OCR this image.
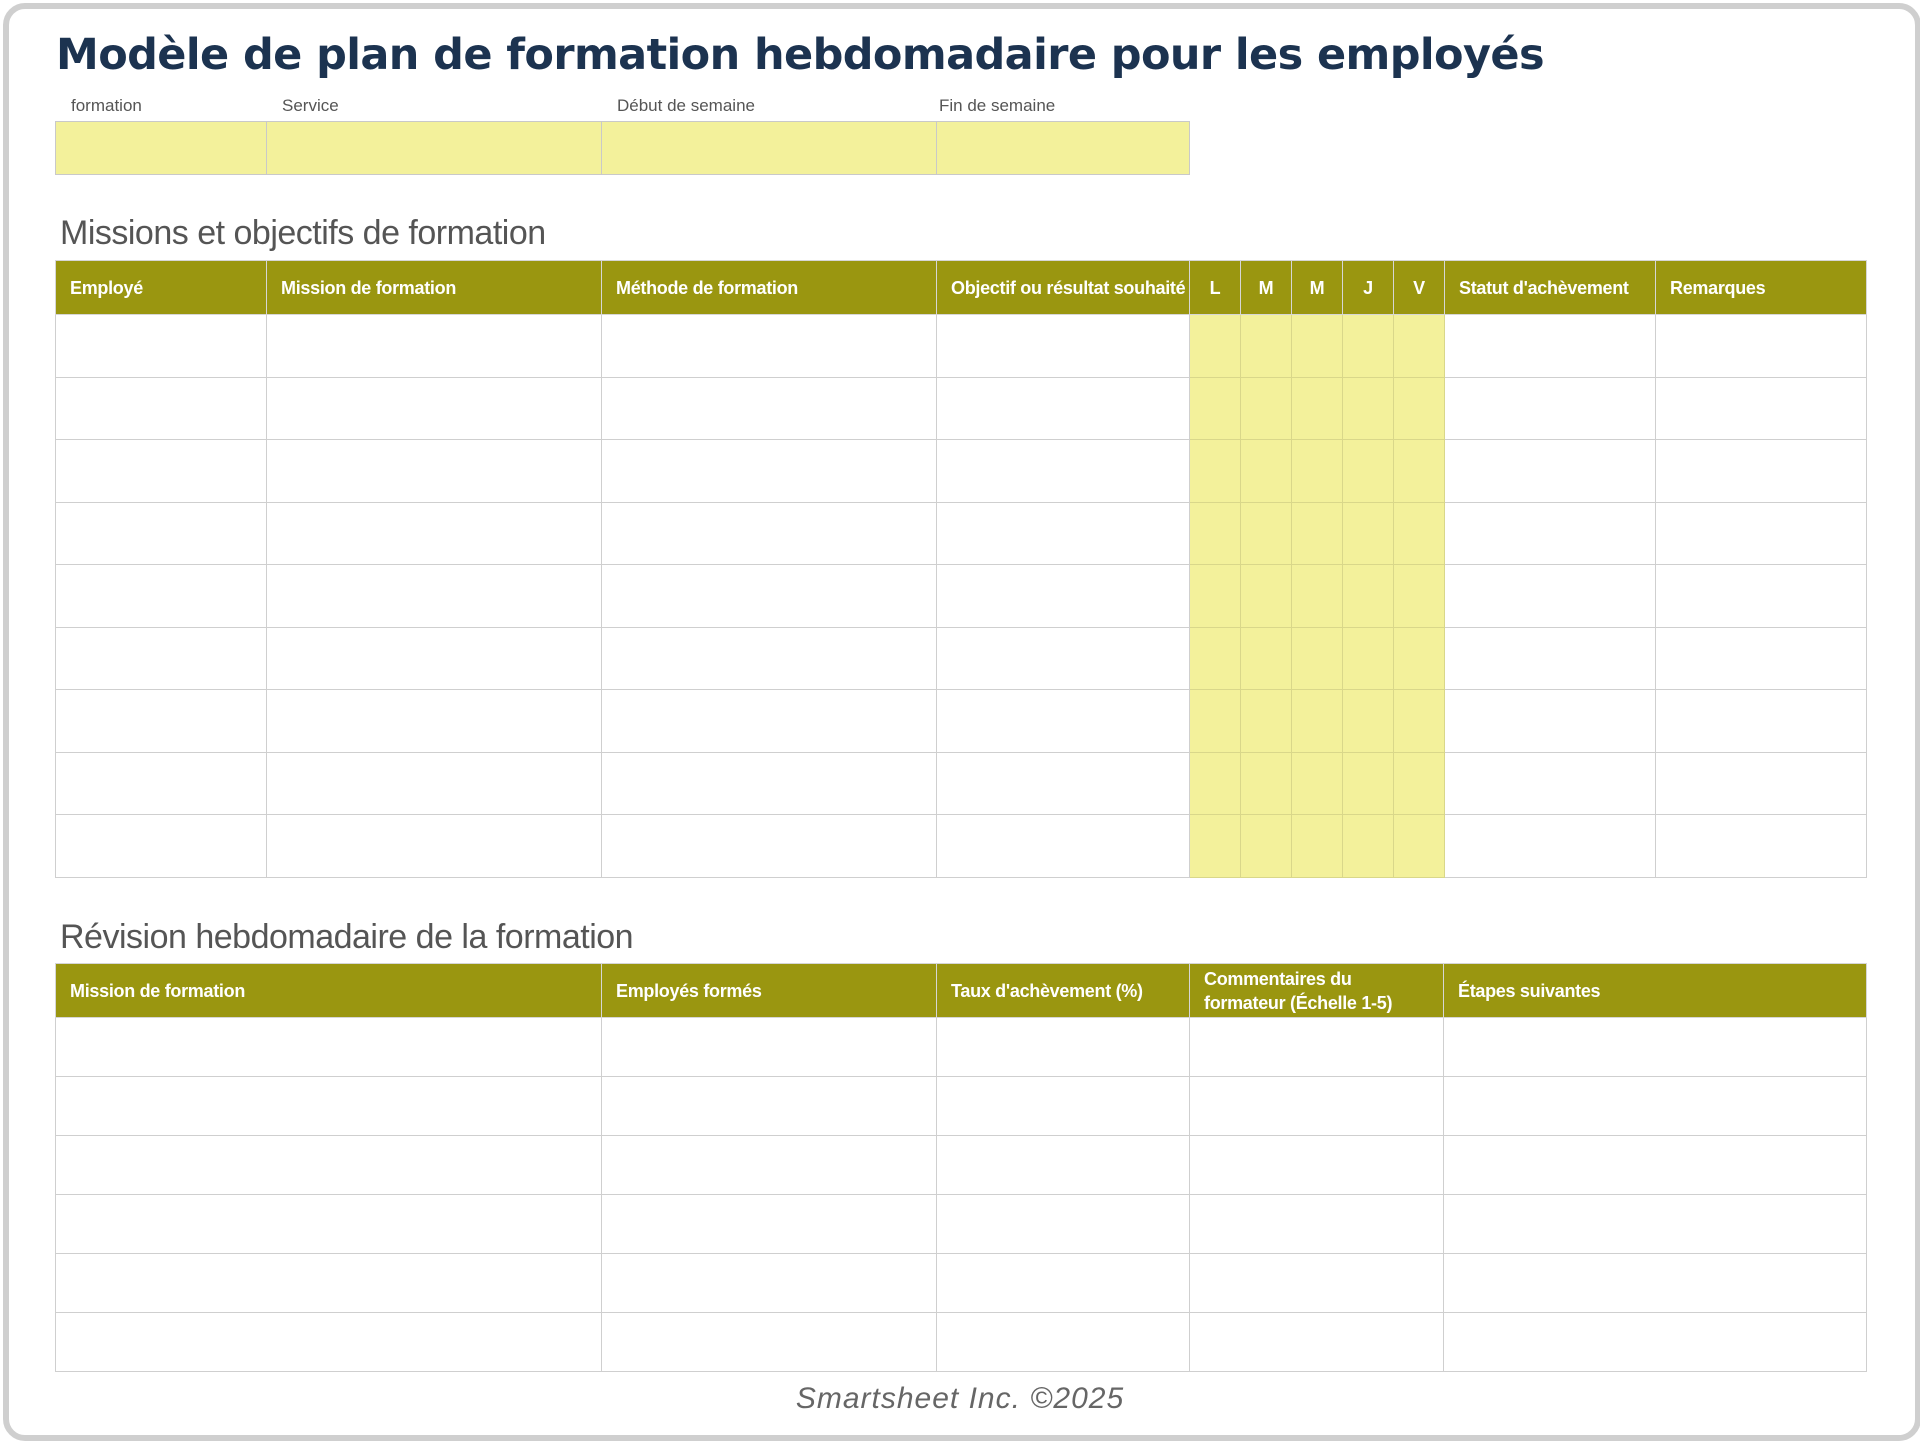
Modèle de plan de formation hebdomadaire pour les employés
formation	Service	Début de semaine	Fin de semaine

Missions et objectifs de formation
Employé	Mission de formation	Méthode de formation	Objectif ou résultat souhaité	L	M	M	J	V	Statut d'achèvement	Remarques

Révision hebdomadaire de la formation
Mission de formation	Employés formés	Taux d'achèvement (%)	Commentaires du formateur (Échelle 1-5)	Étapes suivantes

Smartsheet Inc. ©2025
